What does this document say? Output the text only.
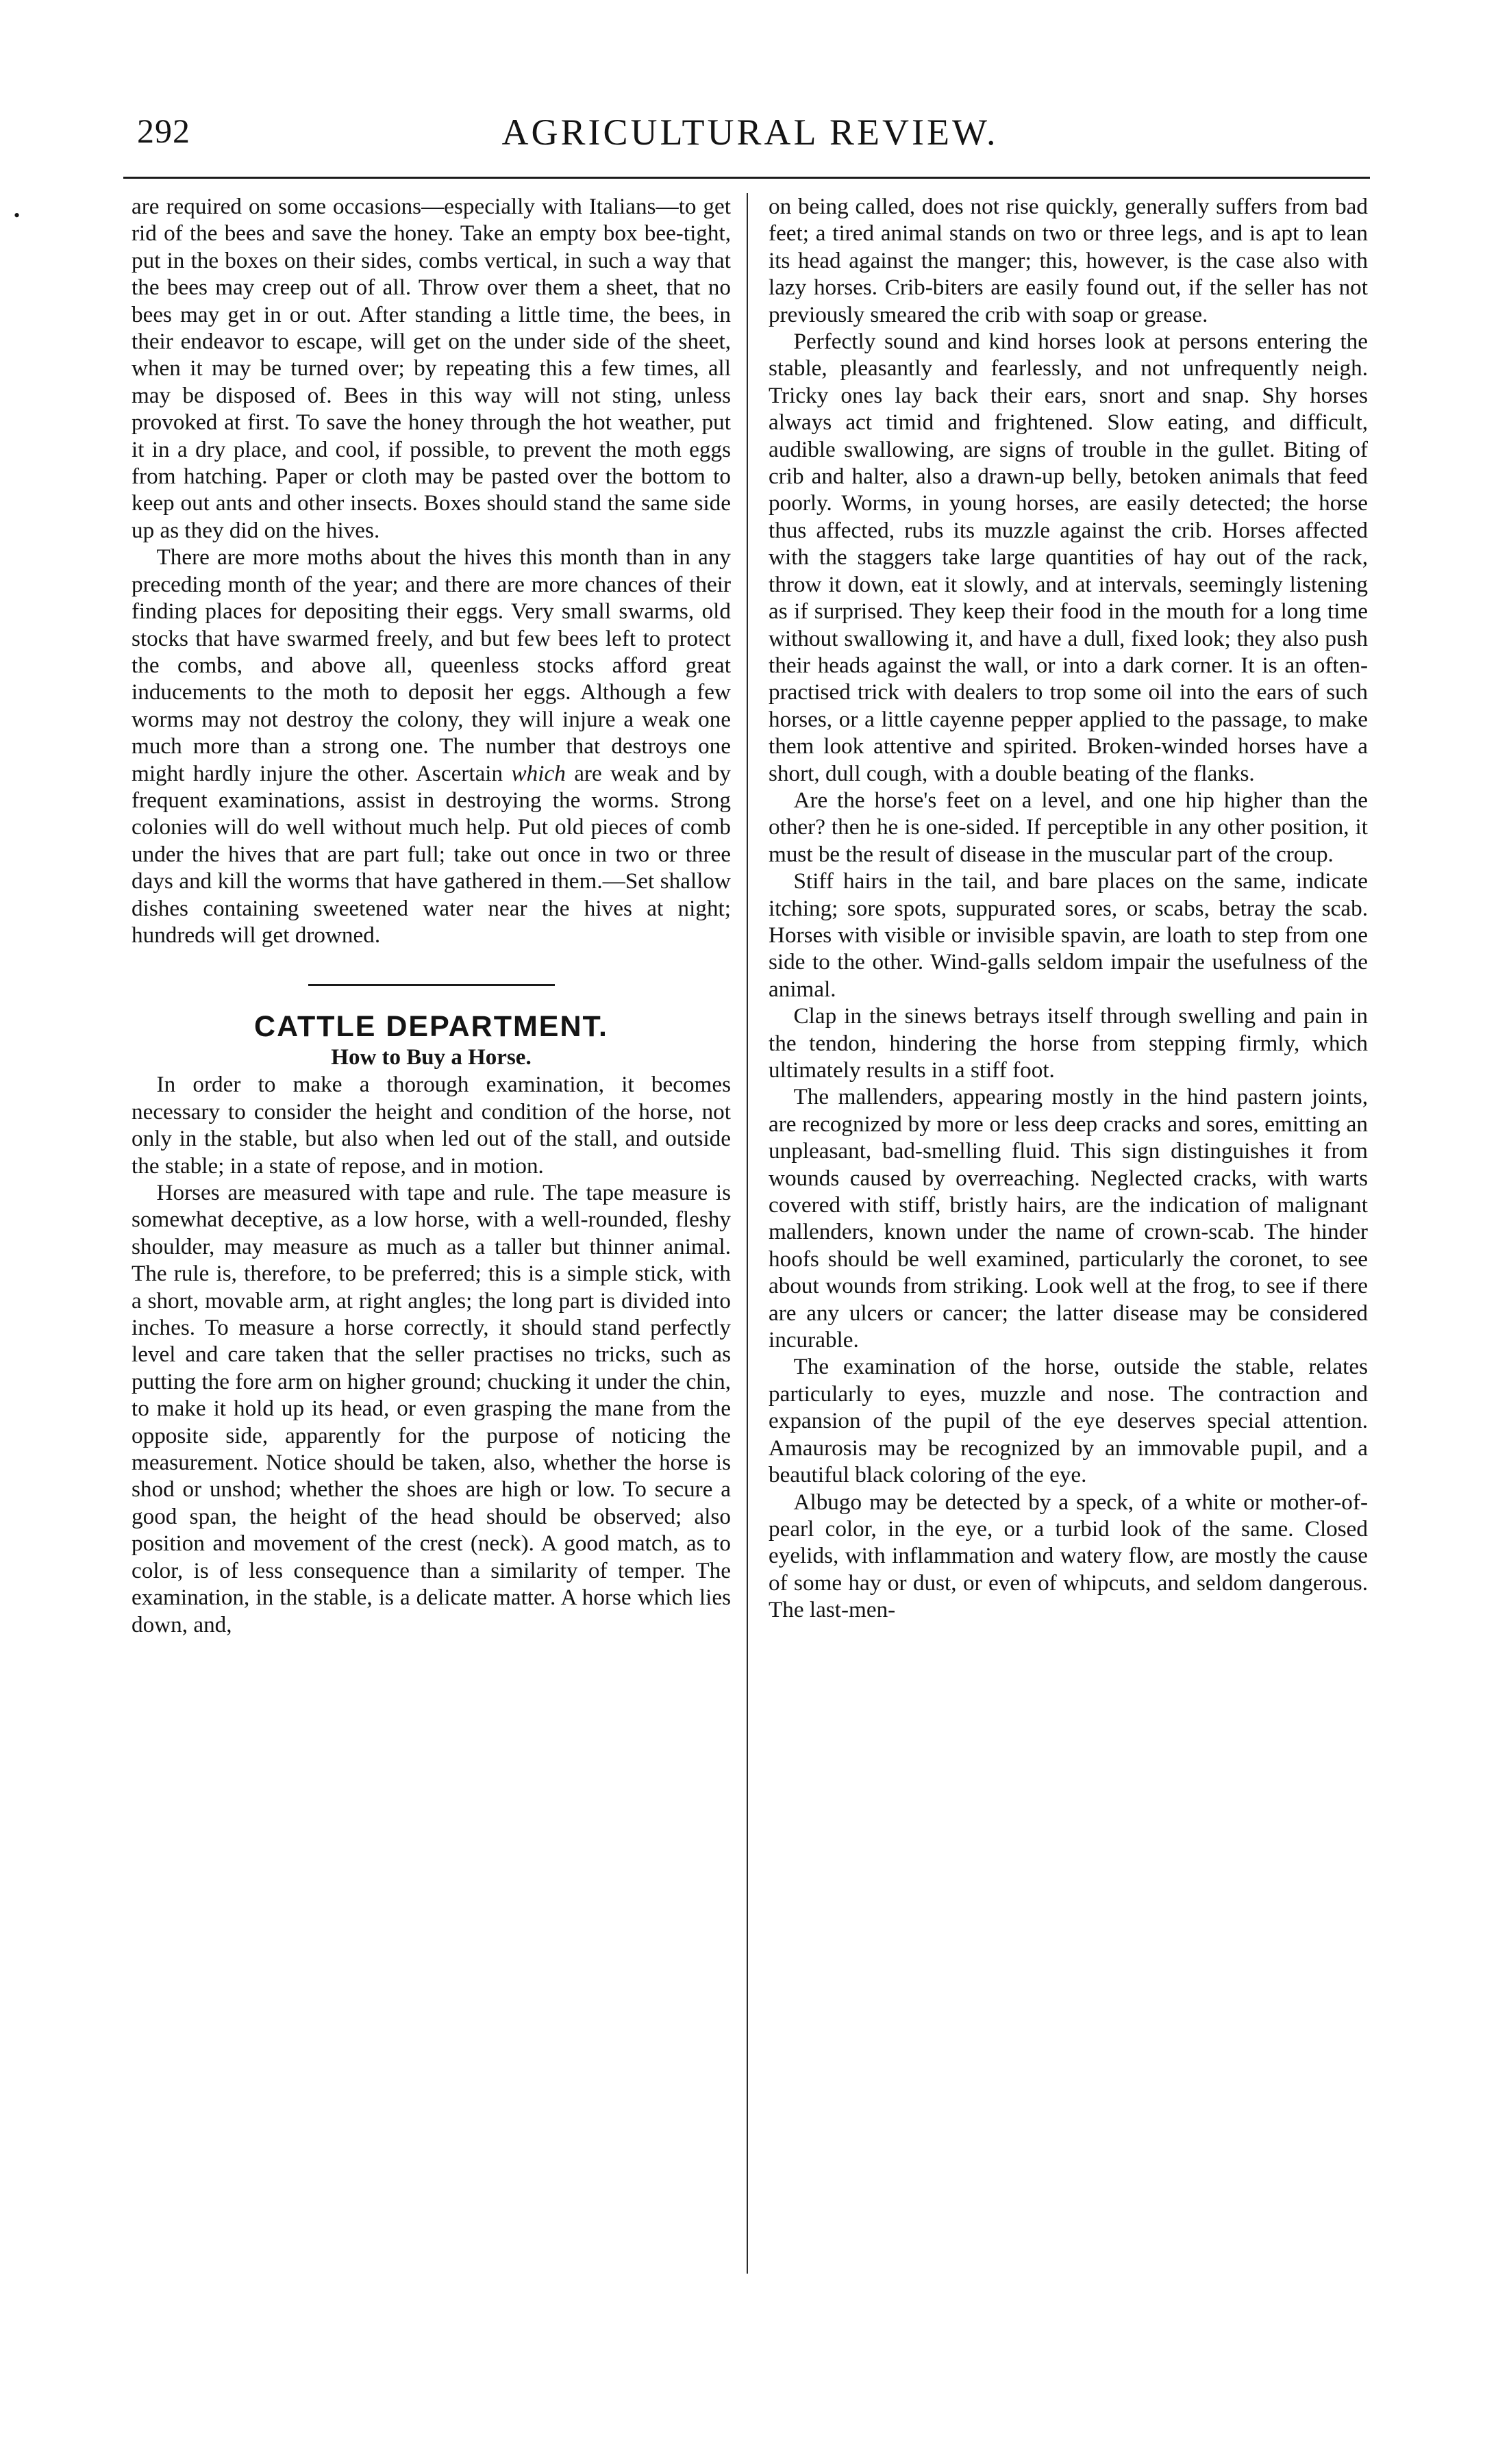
292	AGRICULTURAL REVIEW.
•	are required on some occasions—especially with Italians—to get rid of the bees and save the honey. Take an empty box bee-tight, put in the boxes on their sides, combs vertical, in such a way that the bees may creep out of all. Throw over them a sheet, that no bees may get in or out. After standing a little time, the bees, in their endeavor to escape, will get on the under side of the sheet, when it may be turned over; by repeating this a few times, all may be disposed of. Bees in this way will not sting, unless provoked at first. To save the honey through the hot weather, put it in a dry place, and cool, if possible, to prevent the moth eggs from hatching. Paper or cloth may be pasted over the bottom to keep out ants and other insects. Boxes should stand the same side up as they did on the hives.

There are more moths about the hives this month than in any preceding month of the year; and there are more chances of their finding places for depositing their eggs. Very small swarms, old stocks that have swarmed freely, and but few bees left to protect the combs, and above all, queenless stocks afford great inducements to the moth to deposit her eggs. Although a few worms may not destroy the colony, they will injure a weak one much more than a strong one. The number that destroys one might hardly injure the other. Ascertain which are weak and by frequent examinations, assist in destroying the worms. Strong colonies will do well without much help. Put old pieces of comb under the hives that are part full; take out once in two or three days and kill the worms that have gathered in them.—Set shallow dishes containing sweetened water near the hives at night; hundreds will get drowned.

CATTLE DEPARTMENT.
How to Buy a Horse.

In order to make a thorough examination, it becomes necessary to consider the height and condition of the horse, not only in the stable, but also when led out of the stall, and outside the stable; in a state of repose, and in motion.

Horses are measured with tape and rule. The tape measure is somewhat deceptive, as a low horse, with a well-rounded, fleshy shoulder, may measure as much as a taller but thinner animal. The rule is, therefore, to be preferred; this is a simple stick, with a short, movable arm, at right angles; the long part is divided into inches. To measure a horse correctly, it should stand perfectly level and care taken that the seller practises no tricks, such as putting the fore arm on higher ground; chucking it under the chin, to make it hold up its head, or even grasping the mane from the opposite side, apparently for the purpose of noticing the measurement. Notice should be taken, also, whether the horse is shod or unshod; whether the shoes are high or low. To secure a good span, the height of the head should be observed; also position and movement of the crest (neck). A good match, as to color, is of less consequence than a similarity of temper. The examination, in the stable, is a delicate matter. A horse which lies down, and,

on being called, does not rise quickly, generally suffers from bad feet; a tired animal stands on two or three legs, and is apt to lean its head against the manger; this, however, is the case also with lazy horses. Crib-biters are easily found out, if the seller has not previously smeared the crib with soap or grease.

Perfectly sound and kind horses look at persons entering the stable, pleasantly and fearlessly, and not unfrequently neigh. Tricky ones lay back their ears, snort and snap. Shy horses always act timid and frightened. Slow eating, and difficult, audible swallowing, are signs of trouble in the gullet. Biting of crib and halter, also a drawn-up belly, betoken animals that feed poorly. Worms, in young horses, are easily detected; the horse thus affected, rubs its muzzle against the crib. Horses affected with the staggers take large quantities of hay out of the rack, throw it down, eat it slowly, and at intervals, seemingly listening as if surprised. They keep their food in the mouth for a long time without swallowing it, and have a dull, fixed look; they also push their heads against the wall, or into a dark corner. It is an often-practised trick with dealers to trop some oil into the ears of such horses, or a little cayenne pepper applied to the passage, to make them look attentive and spirited. Broken-winded horses have a short, dull cough, with a double beating of the flanks.

Are the horse's feet on a level, and one hip higher than the other? then he is one-sided. If perceptible in any other position, it must be the result of disease in the muscular part of the croup.

Stiff hairs in the tail, and bare places on the same, indicate itching; sore spots, suppurated sores, or scabs, betray the scab. Horses with visible or invisible spavin, are loath to step from one side to the other. Wind-galls seldom impair the usefulness of the animal.

Clap in the sinews betrays itself through swelling and pain in the tendon, hindering the horse from stepping firmly, which ultimately results in a stiff foot.

The mallenders, appearing mostly in the hind pastern joints, are recognized by more or less deep cracks and sores, emitting an unpleasant, bad-smelling fluid. This sign distinguishes it from wounds caused by overreaching. Neglected cracks, with warts covered with stiff, bristly hairs, are the indication of malignant mallenders, known under the name of crown-scab. The hinder hoofs should be well examined, particularly the coronet, to see about wounds from striking. Look well at the frog, to see if there are any ulcers or cancer; the latter disease may be considered incurable.

The examination of the horse, outside the stable, relates particularly to eyes, muzzle and nose. The contraction and expansion of the pupil of the eye deserves special attention. Amaurosis may be recognized by an immovable pupil, and a beautiful black coloring of the eye.

Albugo may be detected by a speck, of a white or mother-of-pearl color, in the eye, or a turbid look of the same. Closed eyelids, with inflammation and watery flow, are mostly the cause of some hay or dust, or even of whipcuts, and seldom dangerous. The last-men-
